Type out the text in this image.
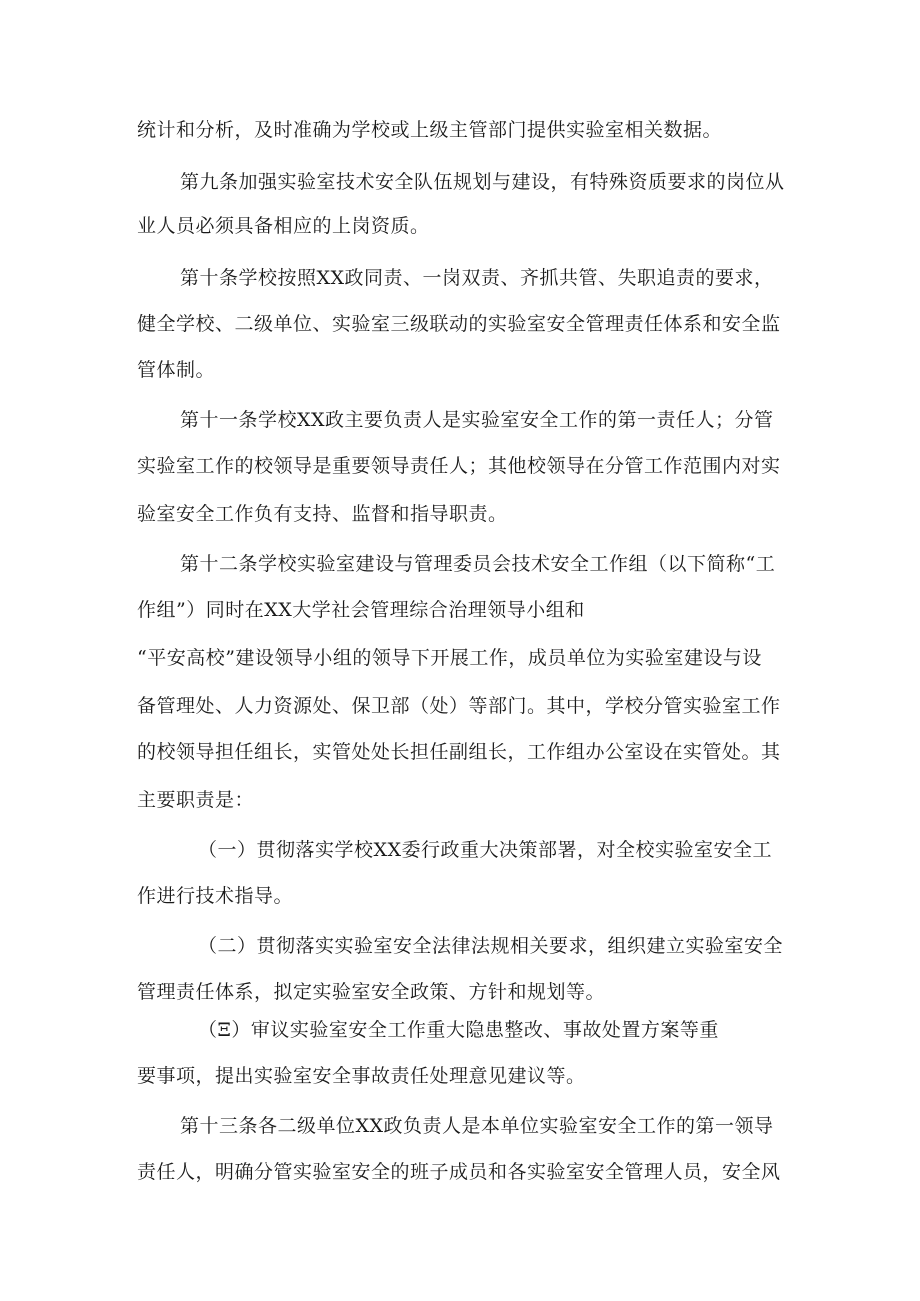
统计和分析，及时准确为学校或上级主管部门提供实验室相关数据。
第九条加强实验室技术安全队伍规划与建设，有特殊资质要求的岗位从
业人员必须具备相应的上岗资质。
第十条学校按照XX政同责、一岗双责、齐抓共管、失职追责的要求，
健全学校、二级单位、实验室三级联动的实验室安全管理责任体系和安全监
管体制。
第十一条学校XX政主要负责人是实验室安全工作的第一责任人；分管
实验室工作的校领导是重要领导责任人；其他校领导在分管工作范围内对实
验室安全工作负有支持、监督和指导职责。
第十二条学校实验室建设与管理委员会技术安全工作组（以下简称“工
作组”）同时在XX大学社会管理综合治理领导小组和
“平安高校”建设领导小组的领导下开展工作，成员单位为实验室建设与设
备管理处、人力资源处、保卫部（处）等部门。其中，学校分管实验室工作
的校领导担任组长，实管处处长担任副组长，工作组办公室设在实管处。其
主要职责是：
（一）贯彻落实学校XX委行政重大决策部署，对全校实验室安全工
作进行技术指导。
（二）贯彻落实实验室安全法律法规相关要求，组织建立实验室安全
管理责任体系，拟定实验室安全政策、方针和规划等。
（Ξ）审议实验室安全工作重大隐患整改、事故处置方案等重
要事项，提出实验室安全事故责任处理意见建议等。
第十三条各二级单位XX政负责人是本单位实验室安全工作的第一领导
责任人，明确分管实验室安全的班子成员和各实验室安全管理人员，安全风
